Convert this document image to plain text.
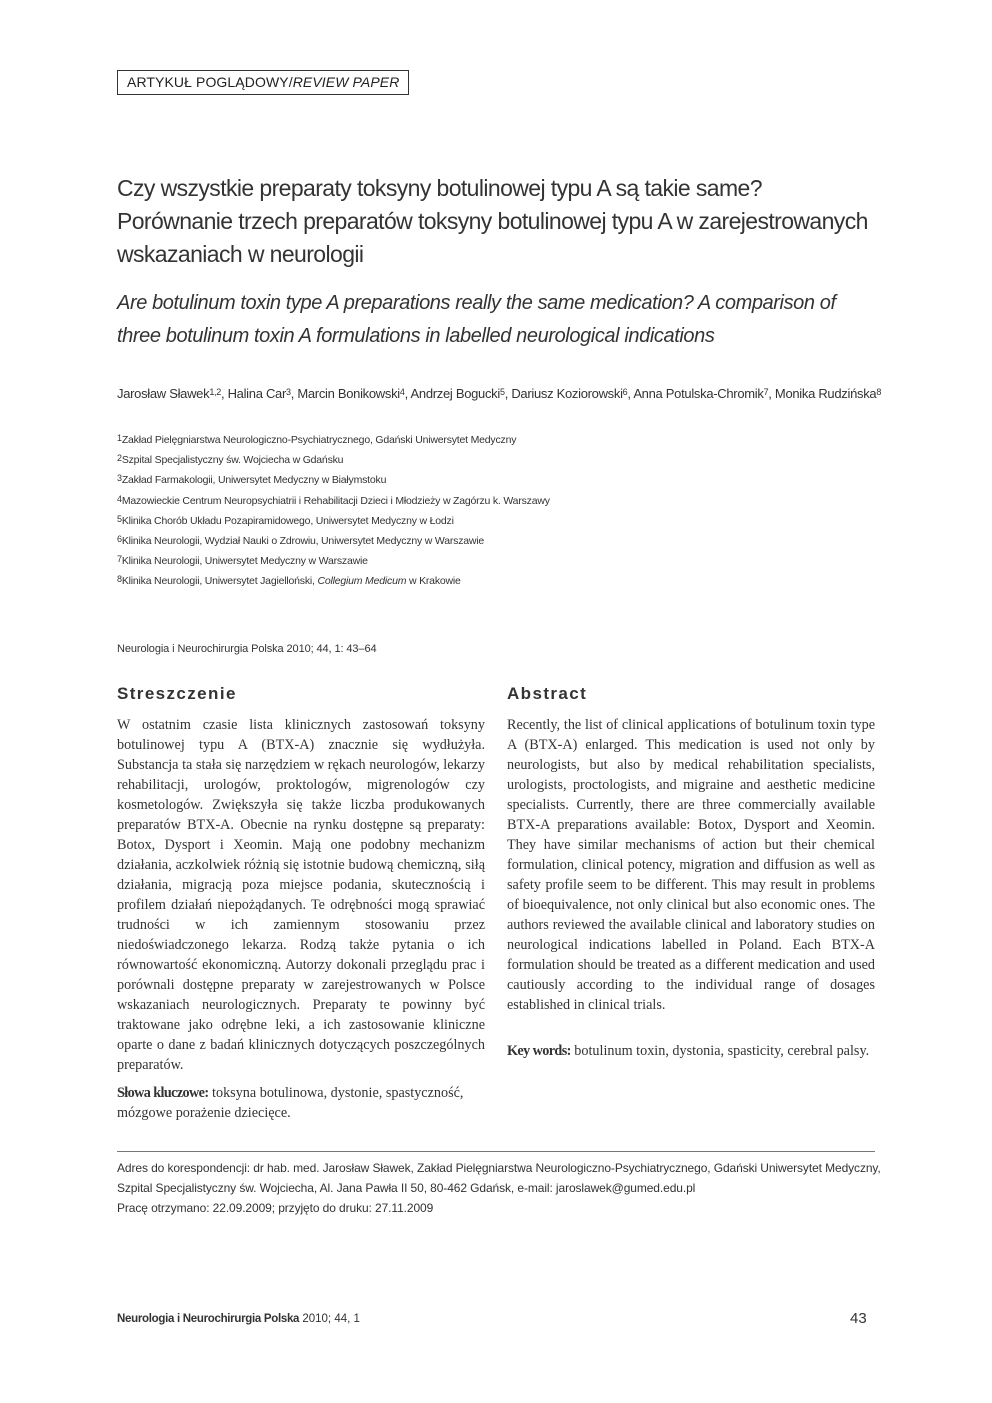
ARTYKUŁ POGLĄDOWY/REVIEW PAPER
Czy wszystkie preparaty toksyny botulinowej typu A są takie same? Porównanie trzech preparatów toksyny botulinowej typu A w zarejestrowanych wskazaniach w neurologii
Are botulinum toxin type A preparations really the same medication? A comparison of three botulinum toxin A formulations in labelled neurological indications
Jarosław Sławek$^{1,2}$, Halina Car$^3$, Marcin Bonikowski$^4$, Andrzej Bogucki$^5$, Dariusz Koziorowski$^6$, Anna Potulska-Chromik$^7$, Monika Rudzińska$^8$
$^1$Zakład Pielęgniarstwa Neurologiczno-Psychiatrycznego, Gdański Uniwersytet Medyczny
$^2$Szpital Specjalistyczny św. Wojciecha w Gdańsku
$^3$Zakład Farmakologii, Uniwersytet Medyczny w Białymstoku
$^4$Mazowieckie Centrum Neuropsychiatrii i Rehabilitacji Dzieci i Młodzieży w Zagórzu k. Warszawy
$^5$Klinika Chorób Układu Pozapiramidowego, Uniwersytet Medyczny w Łodzi
$^6$Klinika Neurologii, Wydział Nauki o Zdrowiu, Uniwersytet Medyczny w Warszawie
$^7$Klinika Neurologii, Uniwersytet Medyczny w Warszawie
$^8$Klinika Neurologii, Uniwersytet Jagielloński, Collegium Medicum w Krakowie
Neurologia i Neurochirurgia Polska 2010; 44, 1: 43–64
Streszczenie	Abstract

W ostatnim czasie lista klinicznych zastosowań toksyny botulinowej typu A (BTX-A) znacznie się wydłużyła. Substancja ta stała się narzędziem w rękach neurologów, lekarzy rehabilitacji, urologów, proktologów, migrenologów czy kosmetologów. Zwiększyła się także liczba produkowanych preparatów BTX-A. Obecnie na rynku dostępne są preparaty: Botox, Dysport i Xeomin. Mają one podobny mechanizm działania, aczkolwiek różnią się istotnie budową chemiczną, siłą działania, migracją poza miejsce podania, skutecznością i profilem działań niepożądanych. Te odrębności mogą sprawiać trudności w ich zamiennym stosowaniu przez niedoświadczonego lekarza. Rodzą także pytania o ich równowartość ekonomiczną. Autorzy dokonali przeglądu prac i porównali dostępne preparaty w zarejestrowanych w Polsce wskazaniach neurologicznych. Preparaty te powinny być traktowane jako odrębne leki, a ich zastosowanie kliniczne oparte o dane z badań klinicznych dotyczących poszczególnych preparatów.

Recently, the list of clinical applications of botulinum toxin type A (BTX-A) enlarged. This medication is used not only by neurologists, but also by medical rehabilitation specialists, urologists, proctologists, and migraine and aesthetic medicine specialists. Currently, there are three commercially available BTX-A preparations available: Botox, Dysport and Xeomin. They have similar mechanisms of action but their chemical formulation, clinical potency, migration and diffusion as well as safety profile seem to be different. This may result in problems of bioequivalence, not only clinical but also economic ones. The authors reviewed the available clinical and laboratory studies on neurological indications labelled in Poland. Each BTX-A formulation should be treated as a different medication and used cautiously according to the individual range of dosages established in clinical trials.

Słowa kluczowe: toksyna botulinowa, dystonie, spastyczność, mózgowe porażenie dziecięce.

Key words: botulinum toxin, dystonia, spasticity, cerebral palsy.

Adres do korespondencji: dr hab. med. Jarosław Sławek, Zakład Pielęgniarstwa Neurologiczno-Psychiatrycznego, Gdański Uniwersytet Medyczny,
Szpital Specjalistyczny św. Wojciecha, Al. Jana Pawła II 50, 80-462 Gdańsk, e-mail: jaroslawek@gumed.edu.pl
Pracę otrzymano: 22.09.2009; przyjęto do druku: 27.11.2009
Neurologia i Neurochirurgia Polska 2010; 44, 1	43
